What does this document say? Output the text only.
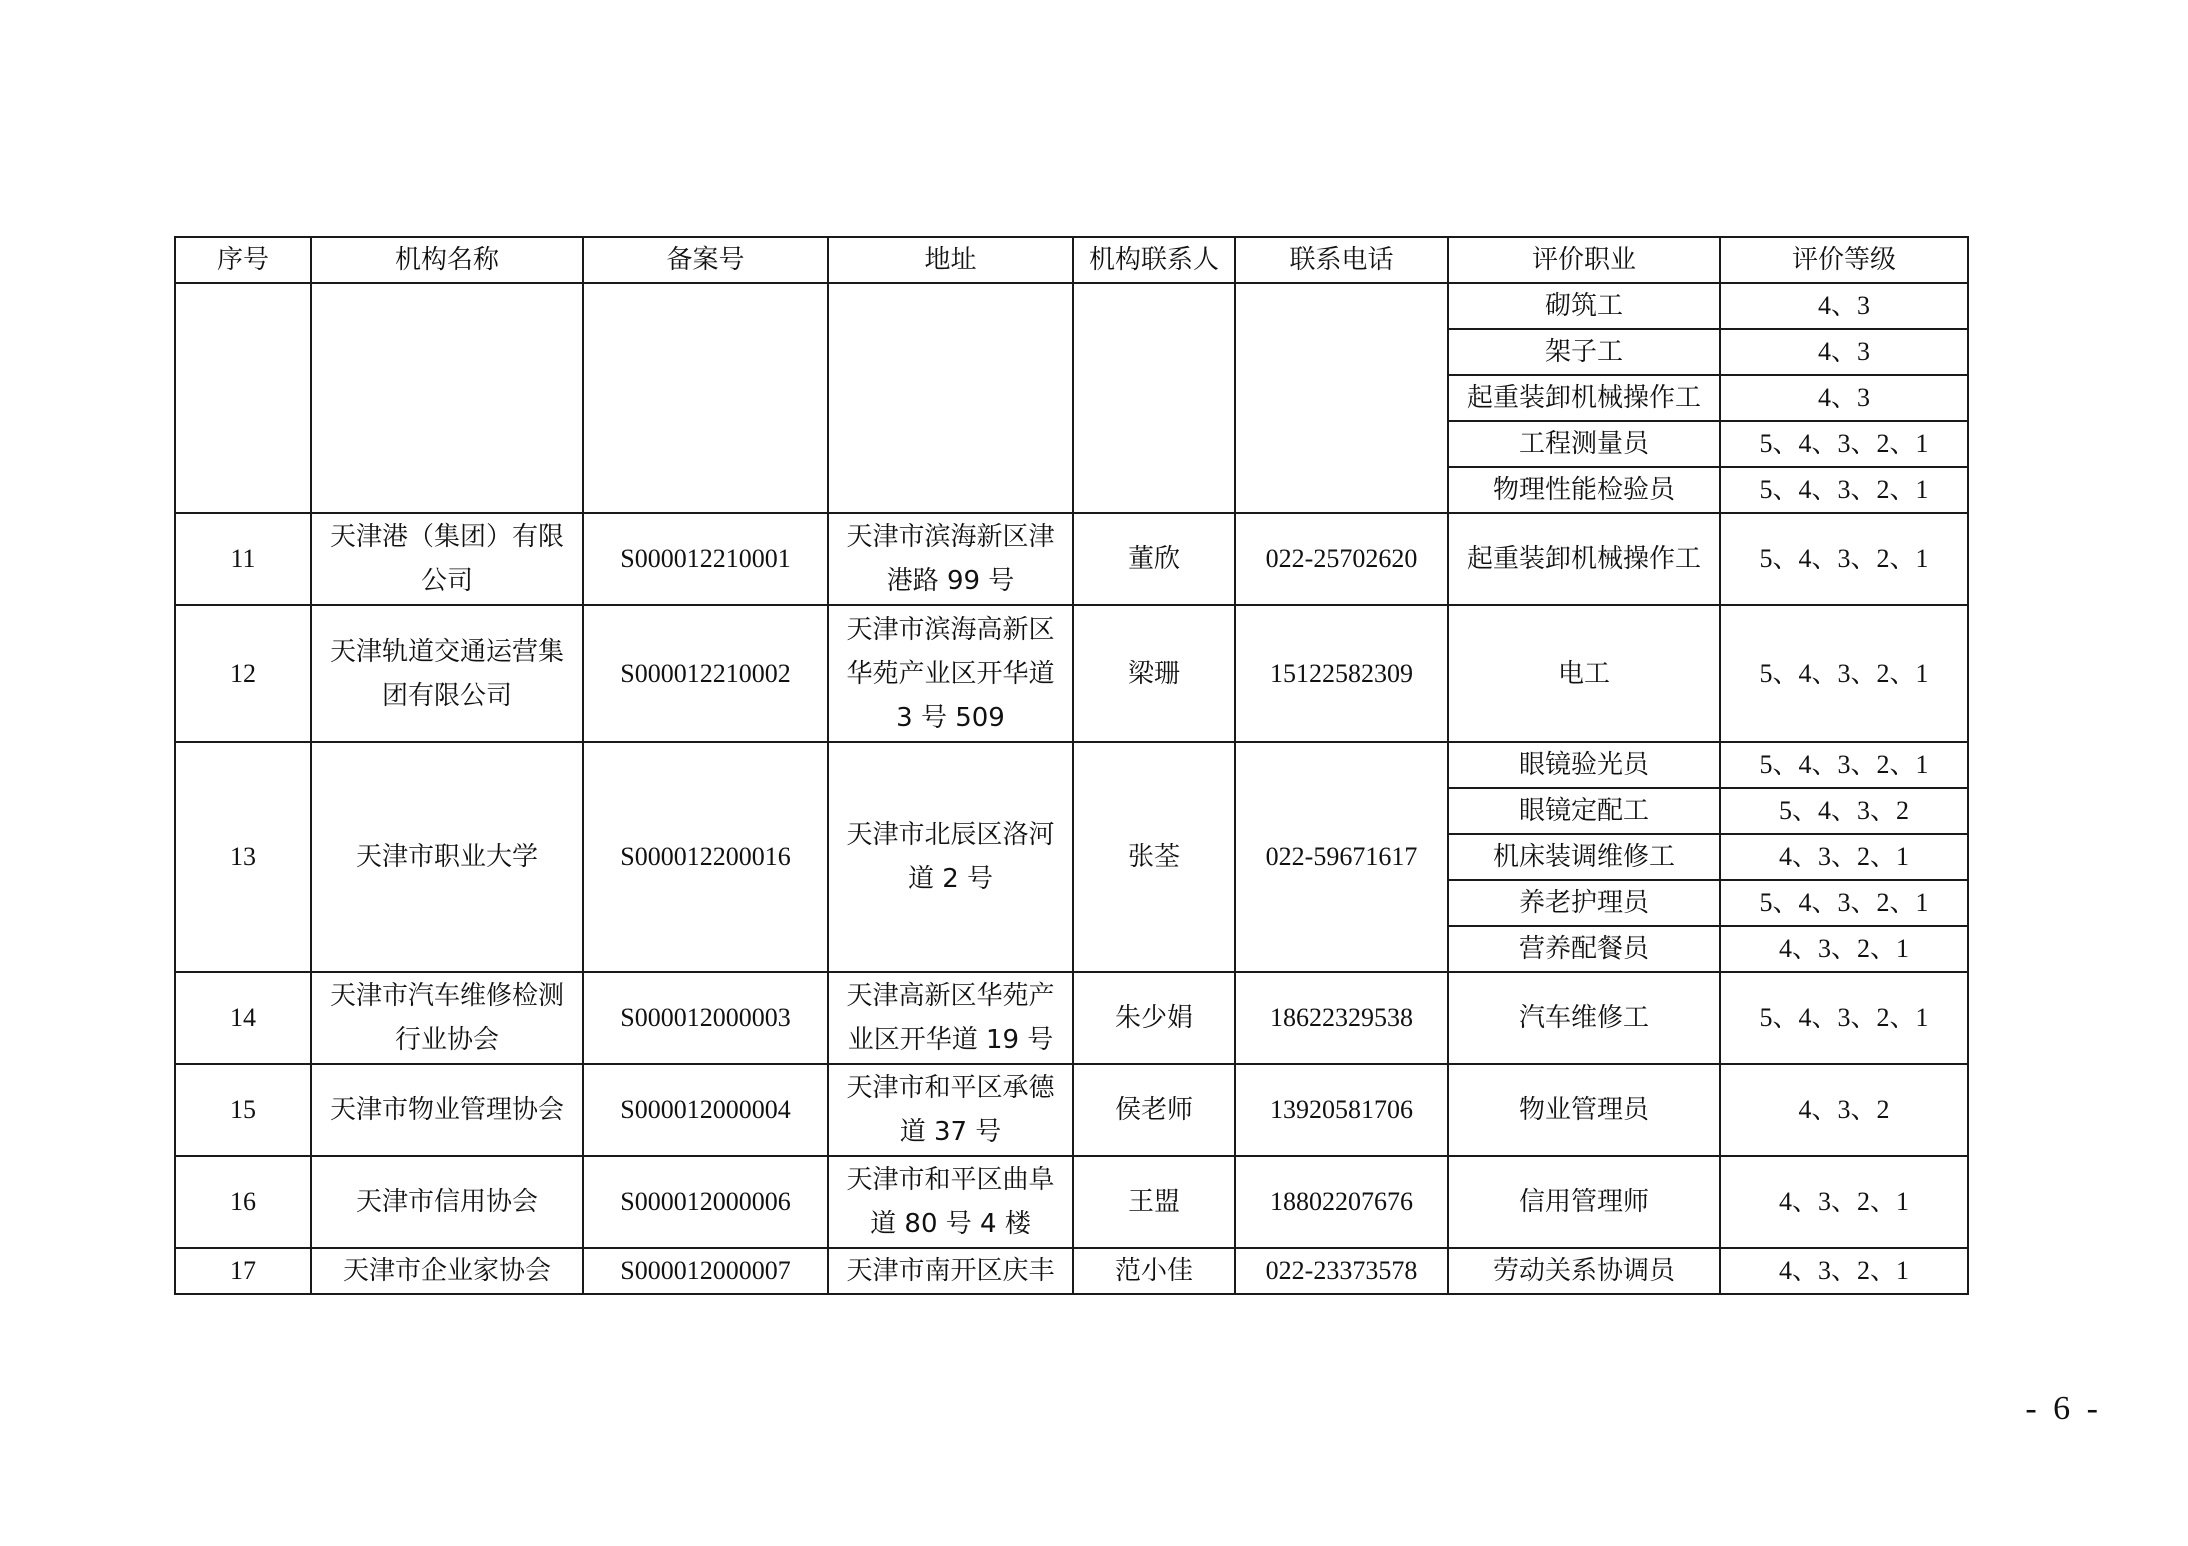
序号	机构名称	备案号	地址	机构联系人	联系电话	评价职业	评价等级
						砌筑工	4、3
						架子工	4、3
						起重装卸机械操作工	4、3
						工程测量员	5、4、3、2、1
						物理性能检验员	5、4、3、2、1
11	天津港（集团）有限公司	S000012210001	天津市滨海新区津港路 99 号	董欣	022-25702620	起重装卸机械操作工	5、4、3、2、1
12	天津轨道交通运营集团有限公司	S000012210002	天津市滨海高新区华苑产业区开华道 3 号 509	梁珊	15122582309	电工	5、4、3、2、1
13	天津市职业大学	S000012200016	天津市北辰区洛河道 2 号	张荃	022-59671617	眼镜验光员	5、4、3、2、1
						眼镜定配工	5、4、3、2
						机床装调维修工	4、3、2、1
						养老护理员	5、4、3、2、1
						营养配餐员	4、3、2、1
14	天津市汽车维修检测行业协会	S000012000003	天津高新区华苑产业区开华道 19 号	朱少娟	18622329538	汽车维修工	5、4、3、2、1
15	天津市物业管理协会	S000012000004	天津市和平区承德道 37 号	侯老师	13920581706	物业管理员	4、3、2
16	天津市信用协会	S000012000006	天津市和平区曲阜道 80 号 4 楼	王盟	18802207676	信用管理师	4、3、2、1
17	天津市企业家协会	S000012000007	天津市南开区庆丰	范小佳	022-23373578	劳动关系协调员	4、3、2、1
- 6 -
